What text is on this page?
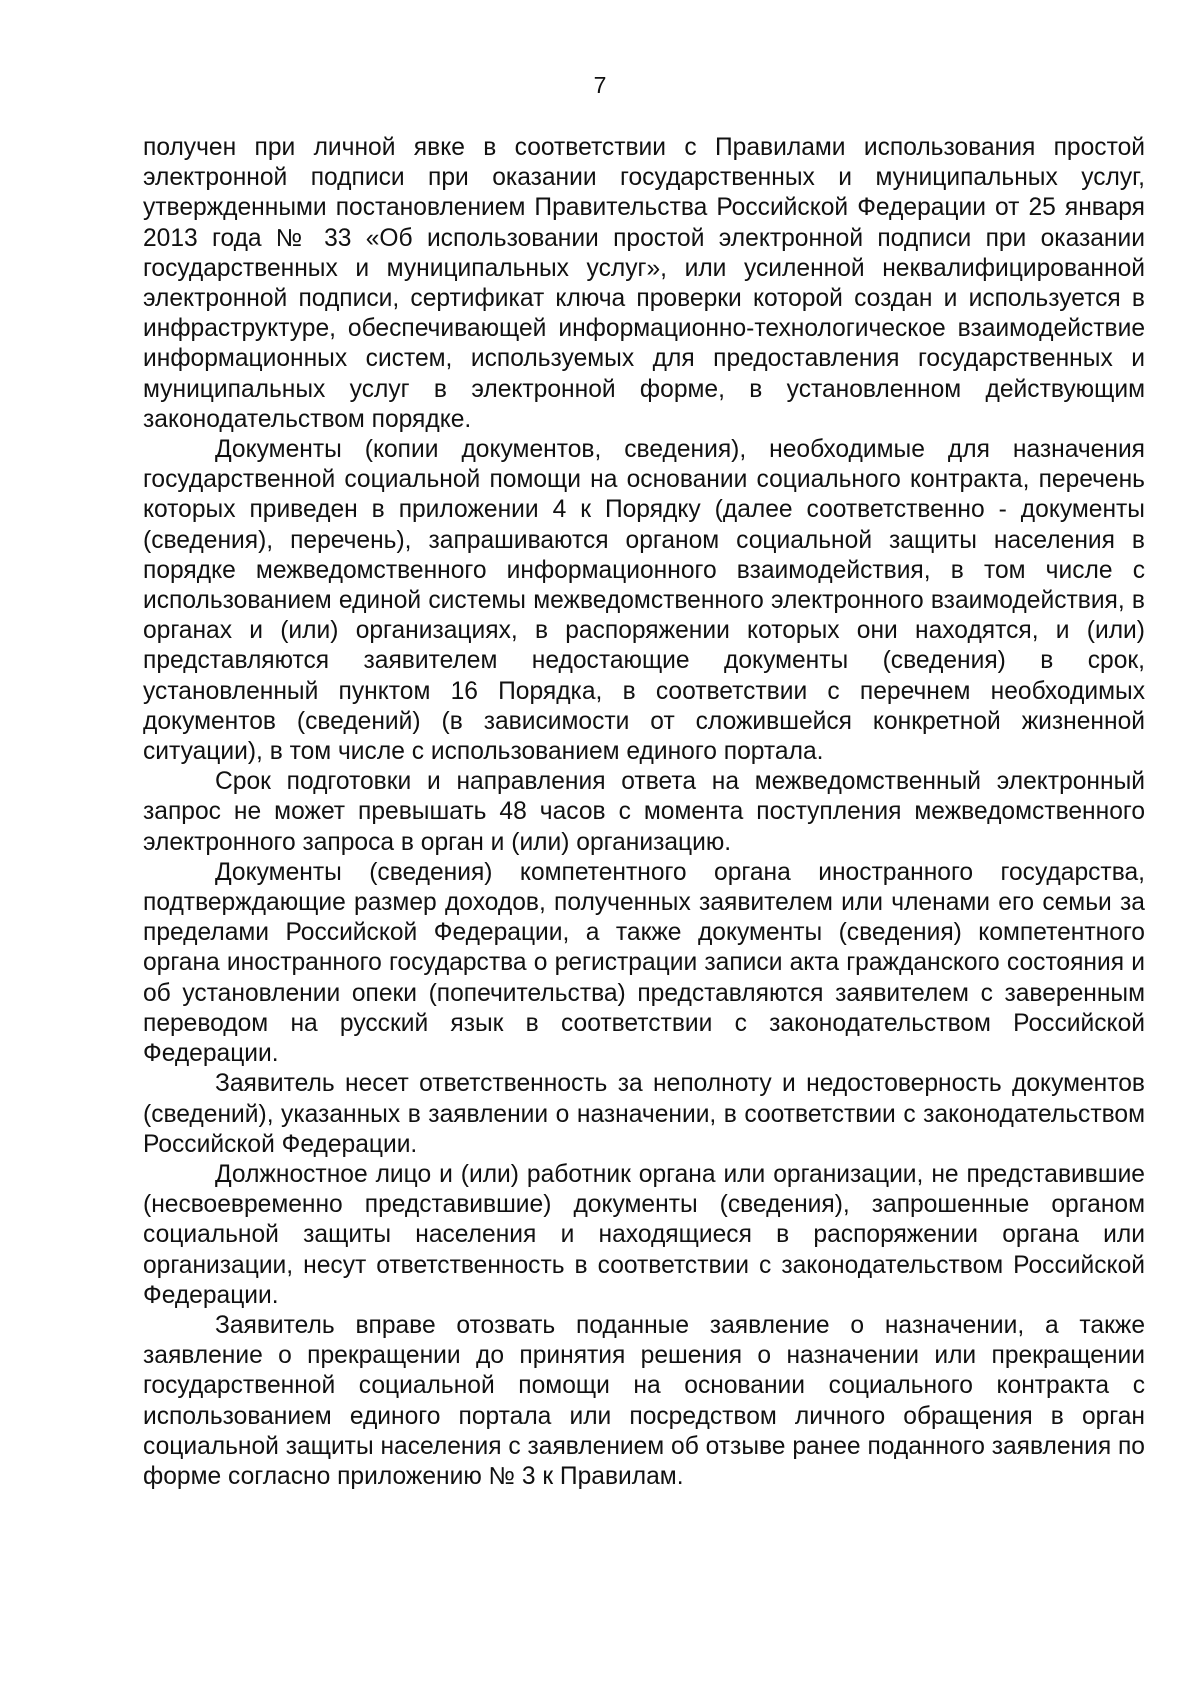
7

получен при личной явке в соответствии с Правилами использования простой электронной подписи при оказании государственных и муниципальных услуг, утвержденными постановлением Правительства Российской Федерации от 25 января 2013 года № 33 «Об использовании простой электронной подписи при оказании государственных и муниципальных услуг», или усиленной неквалифицированной электронной подписи, сертификат ключа проверки которой создан и используется в инфраструктуре, обеспечивающей информационно-технологическое взаимодействие информационных систем, используемых для предоставления государственных и муниципальных услуг в электронной форме, в установленном действующим законодательством порядке.

Документы (копии документов, сведения), необходимые для назначения государственной социальной помощи на основании социального контракта, перечень которых приведен в приложении 4 к Порядку (далее соответственно - документы (сведения), перечень), запрашиваются органом социальной защиты населения в порядке межведомственного информационного взаимодействия, в том числе с использованием единой системы межведомственного электронного взаимодействия, в органах и (или) организациях, в распоряжении которых они находятся, и (или) представляются заявителем недостающие документы (сведения) в срок, установленный пунктом 16 Порядка, в соответствии с перечнем необходимых документов (сведений) (в зависимости от сложившейся конкретной жизненной ситуации), в том числе с использованием единого портала.

Срок подготовки и направления ответа на межведомственный электронный запрос не может превышать 48 часов с момента поступления межведомственного электронного запроса в орган и (или) организацию.

Документы (сведения) компетентного органа иностранного государства, подтверждающие размер доходов, полученных заявителем или членами его семьи за пределами Российской Федерации, а также документы (сведения) компетентного органа иностранного государства о регистрации записи акта гражданского состояния и об установлении опеки (попечительства) представляются заявителем с заверенным переводом на русский язык в соответствии с законодательством Российской Федерации.

Заявитель несет ответственность за неполноту и недостоверность документов (сведений), указанных в заявлении о назначении, в соответствии с законодательством Российской Федерации.

Должностное лицо и (или) работник органа или организации, не представившие (несвоевременно представившие) документы (сведения), запрошенные органом социальной защиты населения и находящиеся в распоряжении органа или организации, несут ответственность в соответствии с законодательством Российской Федерации.

Заявитель вправе отозвать поданные заявление о назначении, а также заявление о прекращении до принятия решения о назначении или прекращении государственной социальной помощи на основании социального контракта с использованием единого портала или посредством личного обращения в орган социальной защиты населения с заявлением об отзыве ранее поданного заявления по форме согласно приложению № 3 к Правилам.
